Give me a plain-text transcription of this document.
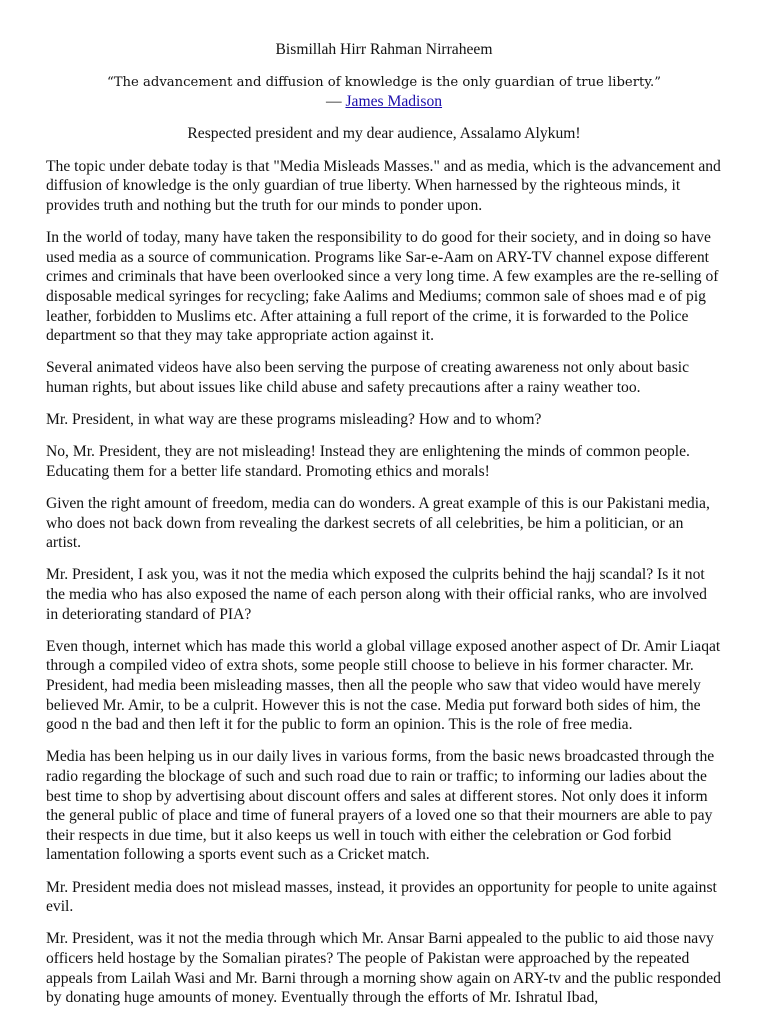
Bismillah Hirr Rahman Nirraheem

“The advancement and diffusion of knowledge is the only guardian of true liberty.”

— James Madison

Respected president and my dear audience, Assalamo Alykum!

The topic under debate today is that "Media Misleads Masses." and as media, which is the advancement and diffusion of knowledge is the only guardian of true liberty. When harnessed by the righteous minds, it provides truth and nothing but the truth for our minds to ponder upon.

In the world of today, many have taken the responsibility to do good for their society, and in doing so have used media as a source of communication. Programs like Sar-e-Aam on ARY-TV channel expose different crimes and criminals that have been overlooked since a very long time. A few examples are the re-selling of disposable medical syringes for recycling; fake Aalims and Mediums; common sale of shoes mad e of pig leather, forbidden to Muslims etc. After attaining a full report of the crime, it is forwarded to the Police department so that they may take appropriate action against it.

Several animated videos have also been serving the purpose of creating awareness not only about basic human rights, but about issues like child abuse and safety precautions after a rainy weather too.

Mr. President, in what way are these programs misleading? How and to whom?

No, Mr. President, they are not misleading! Instead they are enlightening the minds of common people. Educating them for a better life standard. Promoting ethics and morals!

Given the right amount of freedom, media can do wonders. A great example of this is our Pakistani media, who does not back down from revealing the darkest secrets of all celebrities, be him a politician, or an artist.

Mr. President, I ask you, was it not the media which exposed the culprits behind the hajj scandal? Is it not the media who has also exposed the name of each person along with their official ranks, who are involved in deteriorating standard of PIA?

Even though, internet which has made this world a global village exposed another aspect of Dr. Amir Liaqat through a compiled video of extra shots, some people still choose to believe in his former character. Mr. President, had media been misleading masses, then all the people who saw that video would have merely believed Mr. Amir, to be a culprit. However this is not the case. Media put forward both sides of him, the good n the bad and then left it for the public to form an opinion. This is the role of free media.

Media has been helping us in our daily lives in various forms, from the basic news broadcasted through the radio regarding the blockage of such and such road due to rain or traffic; to informing our ladies about the best time to shop by advertising about discount offers and sales at different stores. Not only does it inform the general public of place and time of funeral prayers of a loved one so that their mourners are able to pay their respects in due time, but it also keeps us well in touch with either the celebration or God forbid lamentation following a sports event such as a Cricket match.

Mr. President media does not mislead masses, instead, it provides an opportunity for people to unite against evil.

Mr. President, was it not the media through which Mr. Ansar Barni appealed to the public to aid those navy officers held hostage by the Somalian pirates? The people of Pakistan were approached by the repeated appeals from Lailah Wasi and Mr. Barni through a morning show again on ARY-tv and the public responded by donating huge amounts of money. Eventually through the efforts of Mr. Ishratul Ibad,
